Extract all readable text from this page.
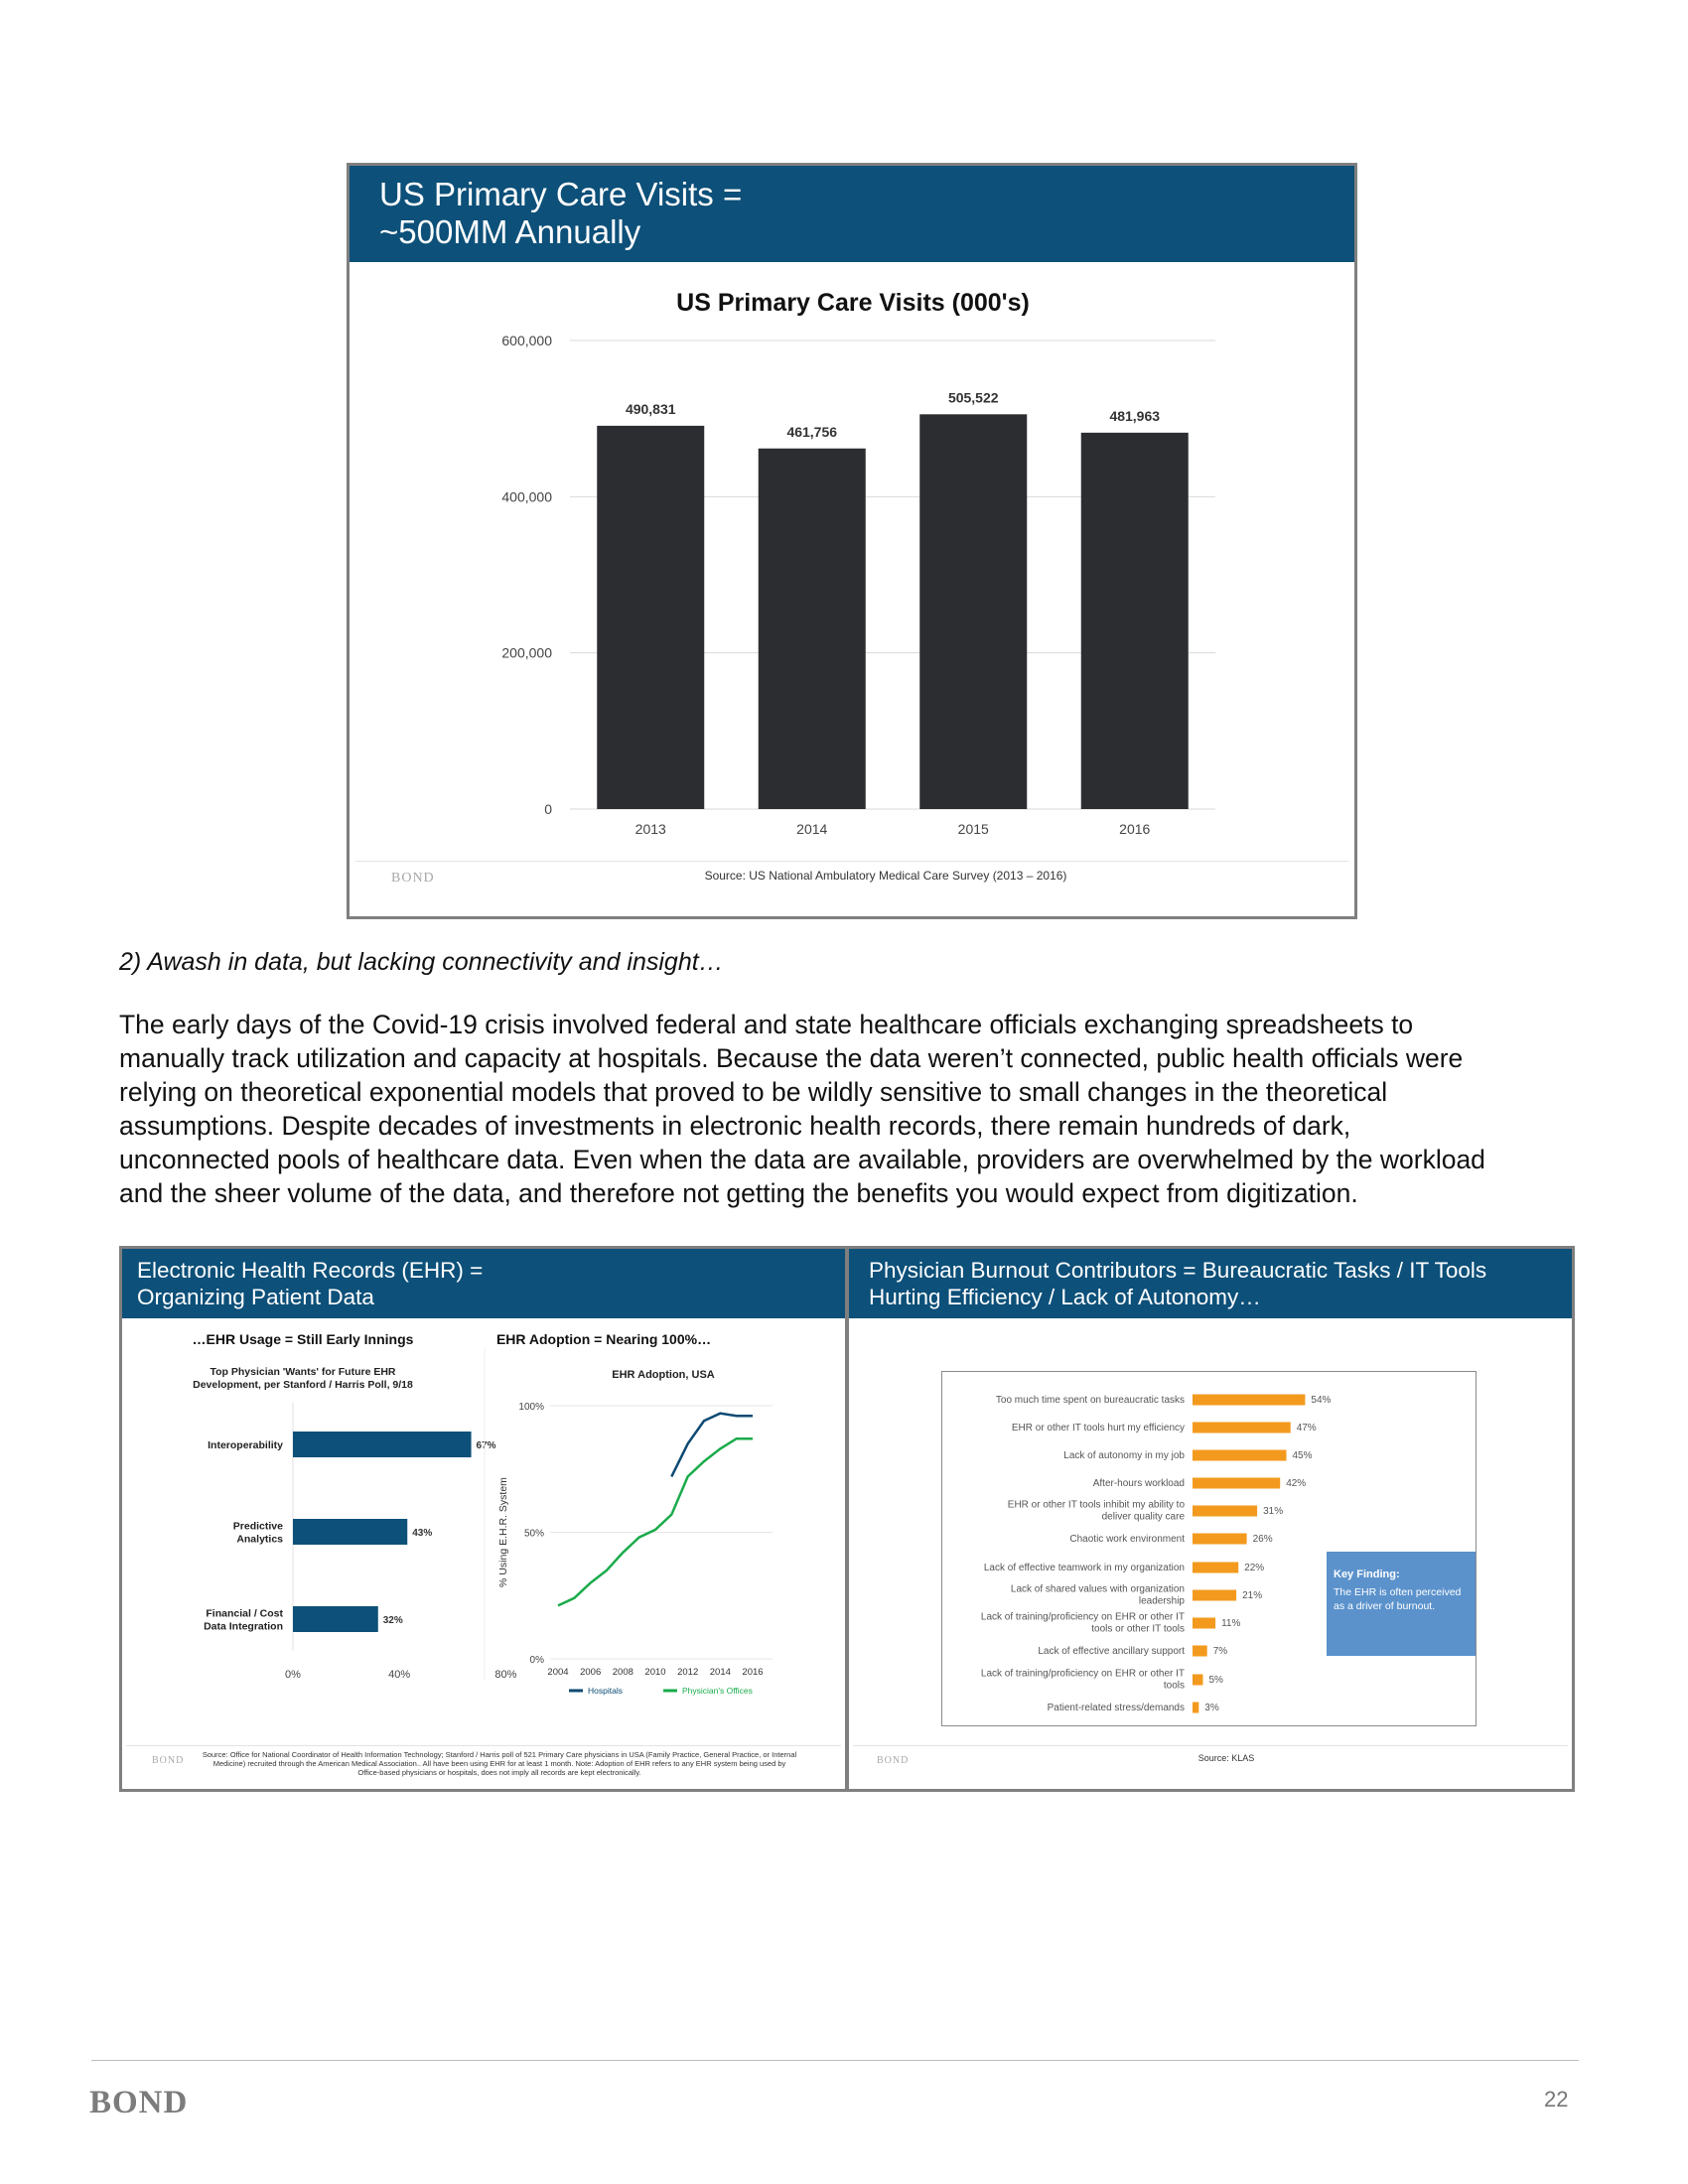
US Primary Care Visits =
~500MM Annually
US Primary Care Visits (000's)
0
200,000
400,000
600,000
490,831
2013
461,756
2014
505,522
2015
481,963
2016
BOND	Source: US National Ambulatory Medical Care Survey (2013 – 2016)
2) Awash in data, but lacking connectivity and insight…
The early days of the Covid-19 crisis involved federal and state healthcare officials exchanging spreadsheets to
manually track utilization and capacity at hospitals. Because the data weren’t connected, public health officials were
relying on theoretical exponential models that proved to be wildly sensitive to small changes in the theoretical
assumptions. Despite decades of investments in electronic health records, there remain hundreds of dark,
unconnected pools of healthcare data. Even when the data are available, providers are overwhelmed by the workload
and the sheer volume of the data, and therefore not getting the benefits you would expect from digitization.
Electronic Health Records (EHR) =
Organizing Patient Data
…EHR Usage = Still Early Innings
Top Physician 'Wants' for Future EHR Development, per Stanford / Harris Poll, 9/18
67%
Interoperability
43%
Predictive Analytics
32%
Financial / Cost Data Integration
0%	40%	80%
EHR Adoption = Nearing 100%…
EHR Adoption, USA
0%
50%
100%
% Using E.H.R. System
2004 2006 2008 2010 2012 2014 2016
Hospitals	Physician's Offices
BOND
Source: Office for National Coordinator of Health Information Technology; Stanford / Harris poll of 521 Primary Care physicians in USA (Family Practice, General Practice, or Internal Medicine) recruited through the American Medical Association.. All have been using EHR for at least 1 month. Note: Adoption of EHR refers to any EHR system being used by Office-based physicians or hospitals, does not imply all records are kept electronically.
Physician Burnout Contributors = Bureaucratic Tasks / IT Tools
Hurting Efficiency / Lack of Autonomy…
54%
Too much time spent on bureaucratic tasks
47%
EHR or other IT tools hurt my efficiency
45%
Lack of autonomy in my job
42%
After-hours workload
31%
EHR or other IT tools inhibit my ability to deliver quality care
26%
Chaotic work environment
22%
Lack of effective teamwork in my organization
21%
Lack of shared values with organization leadership
11%
Lack of training/proficiency on EHR or other IT tools or other IT tools
7%
Lack of effective ancillary support
5%
Lack of training/proficiency on EHR or other IT tools
3%
Patient-related stress/demands
Key Finding:
The EHR is often perceived as a driver of burnout.
BOND	Source: KLAS
BOND	22
